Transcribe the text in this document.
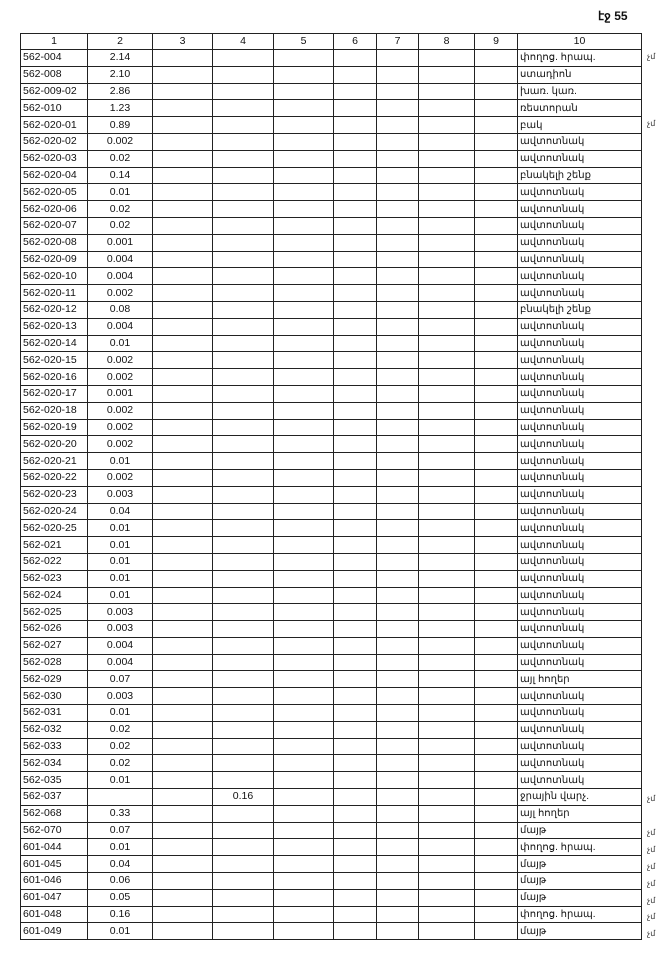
էջ 55
1	2	3	4	5	6	7	8	9	10
562-004	2.14								փողոց. հրապ.
562-008	2.10								ստադիոն
562-009-02	2.86								խառ. կառ.
562-010	1.23								ռեստորան
562-020-01	0.89								բակ
562-020-02	0.002								ավտոտնակ
562-020-03	0.02								ավտոտնակ
562-020-04	0.14								բնակելի շենք
562-020-05	0.01								ավտոտնակ
562-020-06	0.02								ավտոտնակ
562-020-07	0.02								ավտոտնակ
562-020-08	0.001								ավտոտնակ
562-020-09	0.004								ավտոտնակ
562-020-10	0.004								ավտոտնակ
562-020-11	0.002								ավտոտնակ
562-020-12	0.08								բնակելի շենք
562-020-13	0.004								ավտոտնակ
562-020-14	0.01								ավտոտնակ
562-020-15	0.002								ավտոտնակ
562-020-16	0.002								ավտոտնակ
562-020-17	0.001								ավտոտնակ
562-020-18	0.002								ավտոտնակ
562-020-19	0.002								ավտոտնակ
562-020-20	0.002								ավտոտնակ
562-020-21	0.01								ավտոտնակ
562-020-22	0.002								ավտոտնակ
562-020-23	0.003								ավտոտնակ
562-020-24	0.04								ավտոտնակ
562-020-25	0.01								ավտոտնակ
562-021	0.01								ավտոտնակ
562-022	0.01								ավտոտնակ
562-023	0.01								ավտոտնակ
562-024	0.01								ավտոտնակ
562-025	0.003								ավտոտնակ
562-026	0.003								ավտոտնակ
562-027	0.004								ավտոտնակ
562-028	0.004								ավտոտնակ
562-029	0.07								այլ հողեր
562-030	0.003								ավտոտնակ
562-031	0.01								ավտոտնակ
562-032	0.02								ավտոտնակ
562-033	0.02								ավտոտնակ
562-034	0.02								ավտոտնակ
562-035	0.01								ավտոտնակ
562-037			0.16						ջրային վարչ.
562-068	0.33								այլ հողեր
562-070	0.07								մայթ
601-044	0.01								փողոց. հրապ.
601-045	0.04								մայթ
601-046	0.06								մայթ
601-047	0.05								մայթ
601-048	0.16								փողոց. հրապ.
601-049	0.01								մայթ
չմ
չմ
չմ
չմ
չմ
չմ
չմ
չմ
չմ
չմ
